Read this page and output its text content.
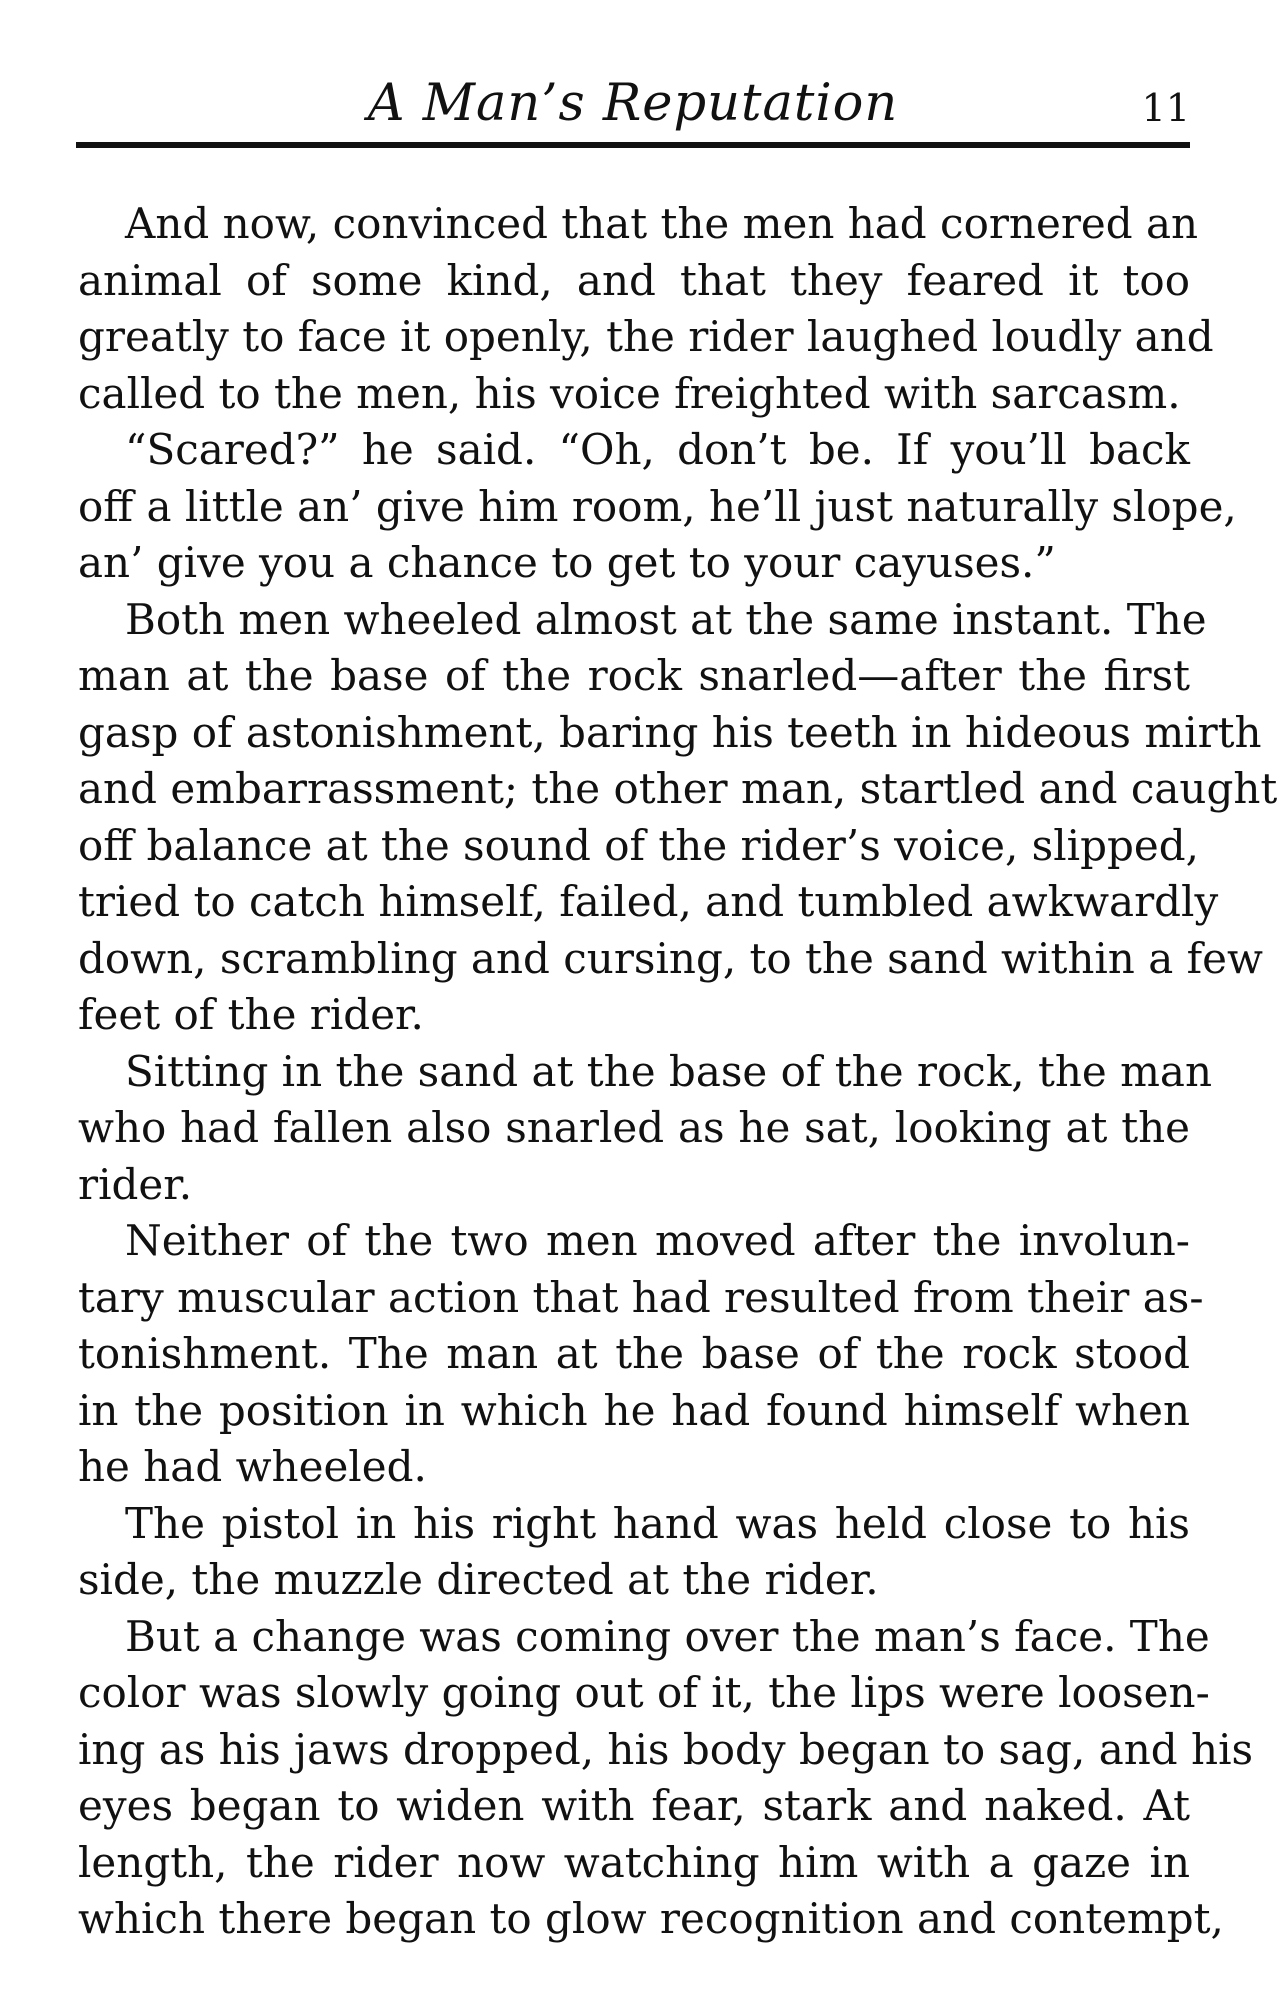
A Man’s Reputation	11
And now, convinced that the men had cornered an
animal of some kind, and that they feared it too
greatly to face it openly, the rider laughed loudly and
called to the men, his voice freighted with sarcasm.
“Scared?” he said. “Oh, don’t be. If you’ll back
off a little an’ give him room, he’ll just naturally slope,
an’ give you a chance to get to your cayuses.”
Both men wheeled almost at the same instant. The
man at the base of the rock snarled—after the first
gasp of astonishment, baring his teeth in hideous mirth
and embarrassment; the other man, startled and caught
off balance at the sound of the rider’s voice, slipped,
tried to catch himself, failed, and tumbled awkwardly
down, scrambling and cursing, to the sand within a few
feet of the rider.
Sitting in the sand at the base of the rock, the man
who had fallen also snarled as he sat, looking at the
rider.
Neither of the two men moved after the involun-
tary muscular action that had resulted from their as-
tonishment. The man at the base of the rock stood
in the position in which he had found himself when
he had wheeled.
The pistol in his right hand was held close to his
side, the muzzle directed at the rider.
But a change was coming over the man’s face. The
color was slowly going out of it, the lips were loosen-
ing as his jaws dropped, his body began to sag, and his
eyes began to widen with fear, stark and naked. At
length, the rider now watching him with a gaze in
which there began to glow recognition and contempt,
